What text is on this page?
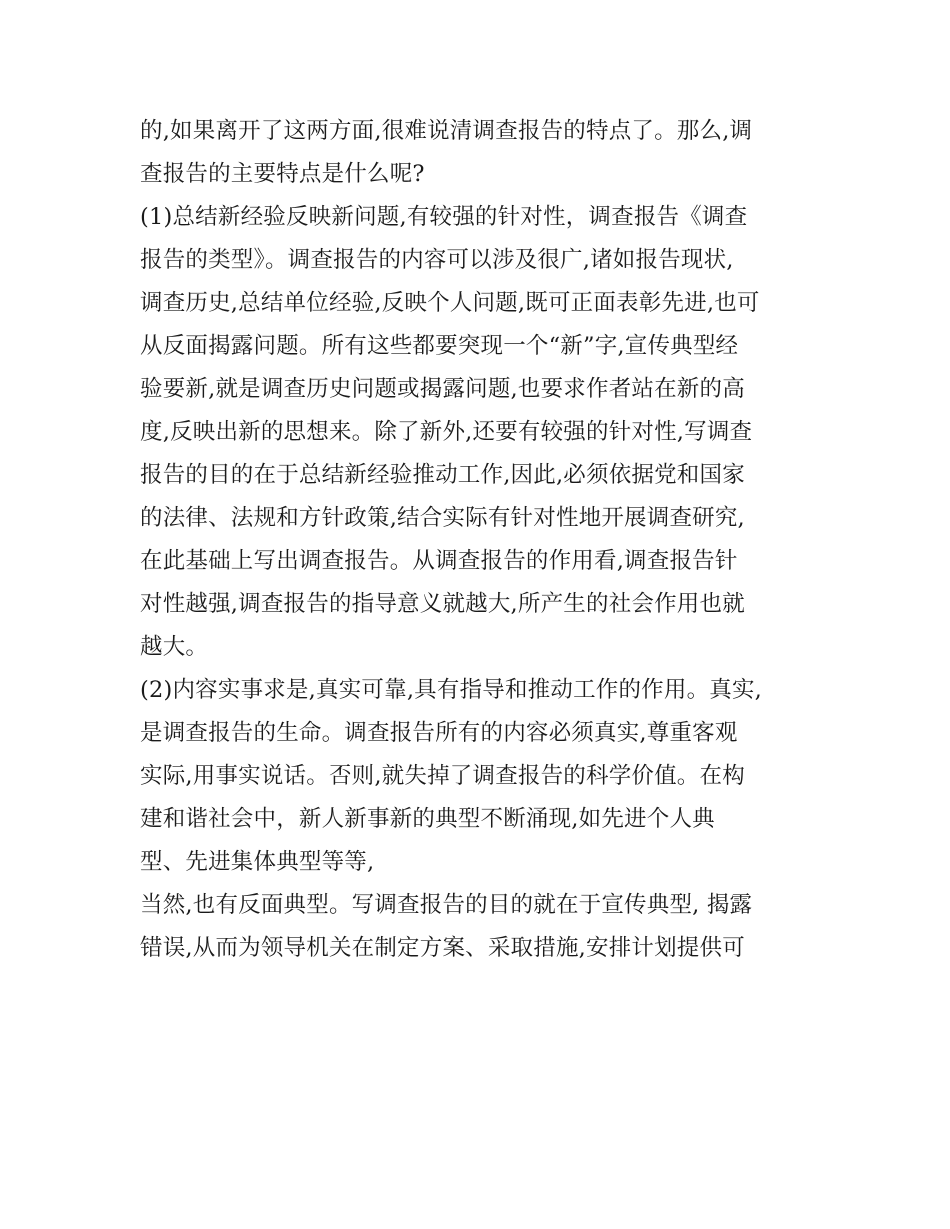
的,如果离开了这两方面,很难说清调查报告的特点了。那么,调
查报告的主要特点是什么呢?
(1)总结新经验反映新问题,有较强的针对性，调查报告《调查
报告的类型》。调查报告的内容可以涉及很广,诸如报告现状,
调查历史,总结单位经验,反映个人问题,既可正面表彰先进,也可
从反面揭露问题。所有这些都要突现一个“新”字,宣传典型经
验要新,就是调查历史问题或揭露问题,也要求作者站在新的高
度,反映出新的思想来。除了新外,还要有较强的针对性,写调查
报告的目的在于总结新经验推动工作,因此,必须依据党和国家
的法律、法规和方针政策,结合实际有针对性地开展调查研究,
在此基础上写出调查报告。从调查报告的作用看,调查报告针
对性越强,调查报告的指导意义就越大,所产生的社会作用也就
越大。
(2)内容实事求是,真实可靠,具有指导和推动工作的作用。真实,
是调查报告的生命。调查报告所有的内容必须真实,尊重客观
实际,用事实说话。否则,就失掉了调查报告的科学价值。在构
建和谐社会中，新人新事新的典型不断涌现,如先进个人典
型、先进集体典型等等,
当然,也有反面典型。写调查报告的目的就在于宣传典型, 揭露
错误,从而为领导机关在制定方案、采取措施,安排计划提供可
